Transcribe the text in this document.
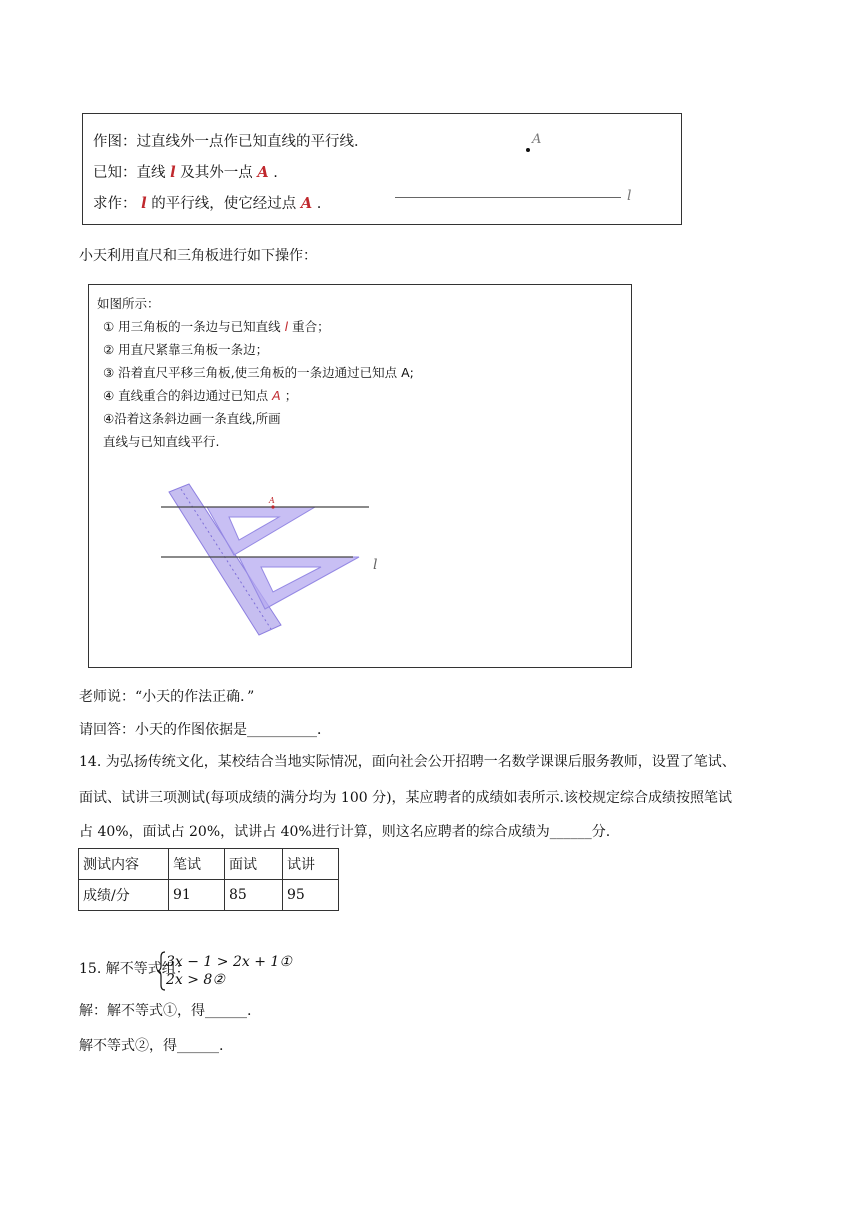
作图：过直线外一点作已知直线的平行线．
已知：直线 l 及其外一点 A .
求作： l 的平行线，使它经过点 A .
A
l
小天利用直尺和三角板进行如下操作：
如图所示：
① 用三角板的一条边与已知直线 l 重合；
② 用直尺紧靠三角板一条边；
③ 沿着直尺平移三角板,使三角板的一条边通过已知点 A;
④ 直线重合的斜边通过已知点 A ；
④沿着这条斜边画一条直线,所画
直线与已知直线平行.
A
l
老师说：“小天的作法正确．”
请回答：小天的作图依据是__________．
14. 为弘扬传统文化，某校结合当地实际情况，面向社会公开招聘一名数学课课后服务教师，设置了笔试、
面试、试讲三项测试(每项成绩的满分均为 100 分)，某应聘者的成绩如表所示.该校规定综合成绩按照笔试
占 40%，面试占 20%，试讲占 40%进行计算，则这名应聘者的综合成绩为______分.
测试内容	笔试	面试	试讲
成绩/分	91	85	95
15. 解不等式组：
3x − 1 > 2x + 1①
2x > 8②
解：解不等式①，得______.
解不等式②，得______.
